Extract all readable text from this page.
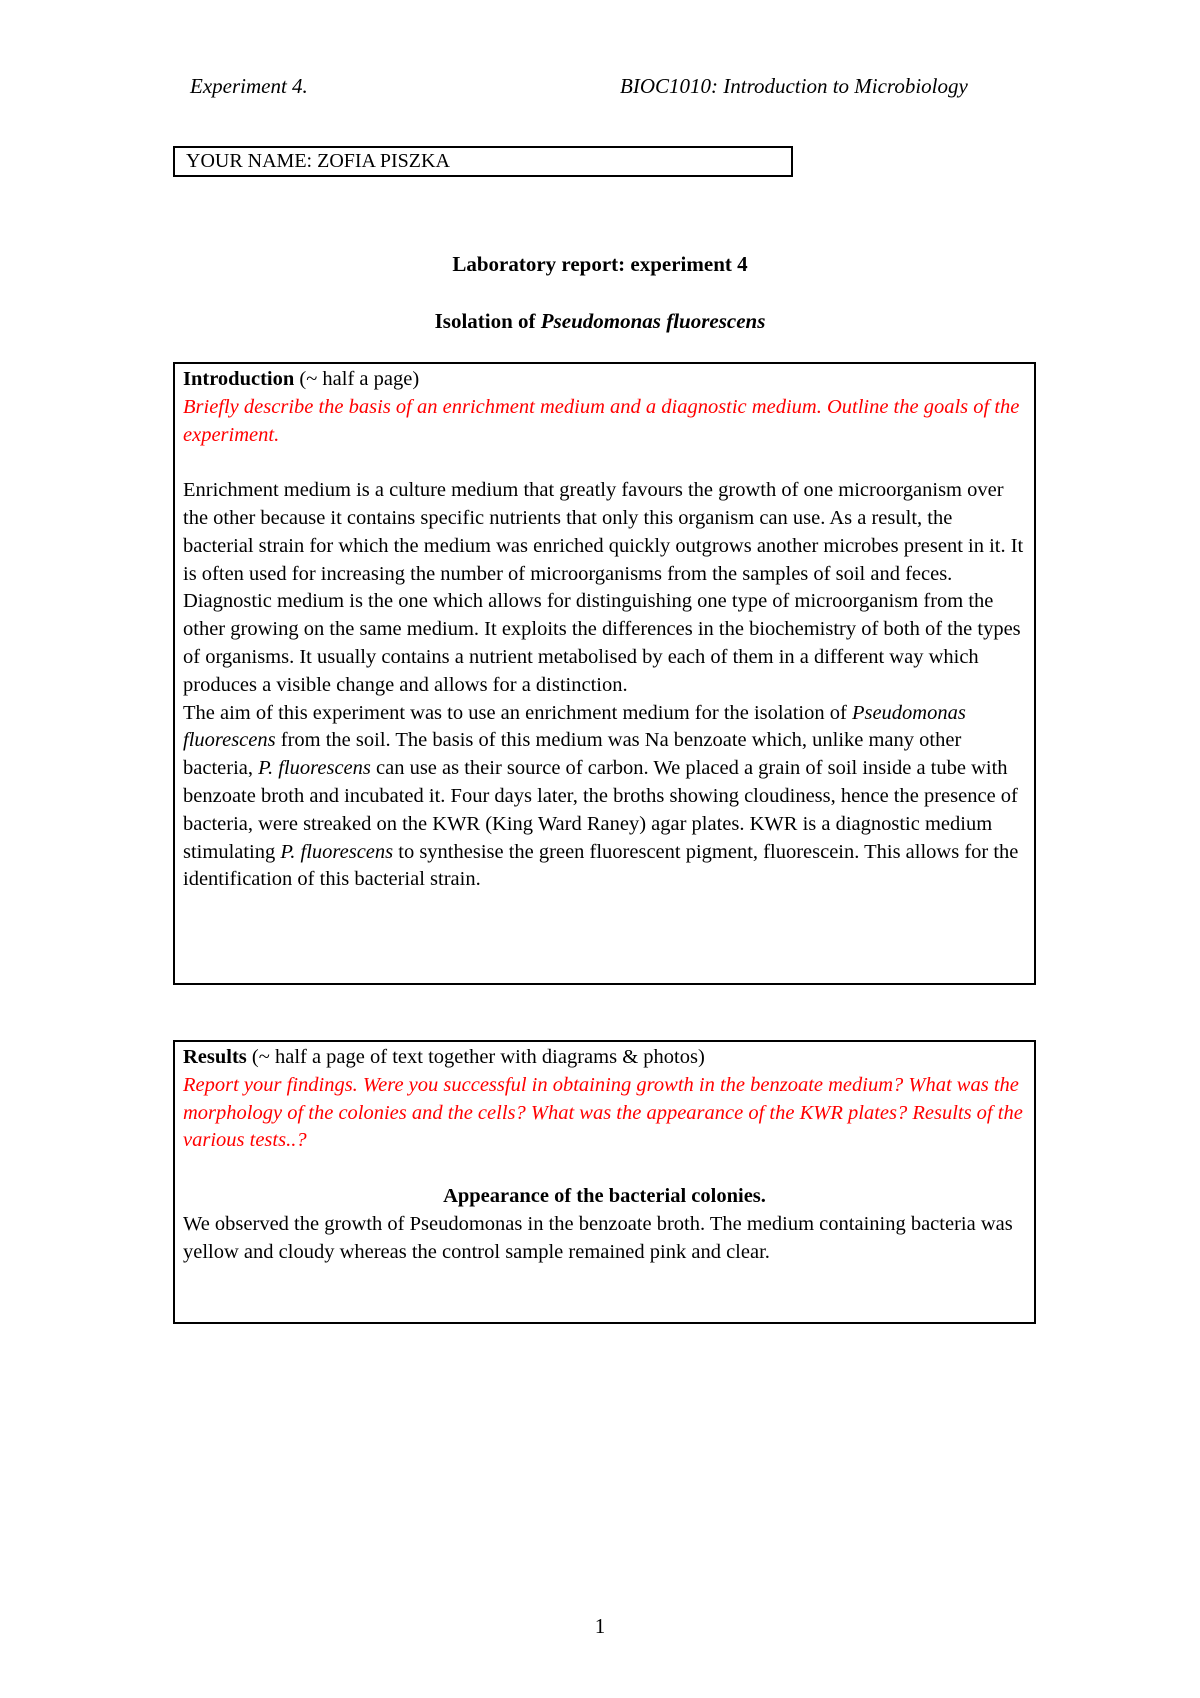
Experiment 4.	BIOC1010: Introduction to Microbiology
YOUR NAME: ZOFIA PISZKA
Laboratory report: experiment 4
Isolation of Pseudomonas fluorescens
Introduction (~ half a page)

Briefly describe the basis of an enrichment medium and a diagnostic medium. Outline the goals of the experiment.

Enrichment medium is a culture medium that greatly favours the growth of one microorganism over the other because it contains specific nutrients that only this organism can use. As a result, the bacterial strain for which the medium was enriched quickly outgrows another microbes present in it. It is often used for increasing the number of microorganisms from the samples of soil and feces.

Diagnostic medium is the one which allows for distinguishing one type of microorganism from the other growing on the same medium. It exploits the differences in the biochemistry of both of the types of organisms. It usually contains a nutrient metabolised by each of them in a different way which produces a visible change and allows for a distinction.

The aim of this experiment was to use an enrichment medium for the isolation of Pseudomonas fluorescens from the soil. The basis of this medium was Na benzoate which, unlike many other bacteria, P. fluorescens can use as their source of carbon. We placed a grain of soil inside a tube with benzoate broth and incubated it. Four days later, the broths showing cloudiness, hence the presence of bacteria, were streaked on the KWR (King Ward Raney) agar plates. KWR is a diagnostic medium stimulating P. fluorescens to synthesise the green fluorescent pigment, fluorescein. This allows for the identification of this bacterial strain.

Results (~ half a page of text together with diagrams & photos)

Report your findings. Were you successful in obtaining growth in the benzoate medium? What was the morphology of the colonies and the cells? What was the appearance of the KWR plates? Results of the various tests..?

Appearance of the bacterial colonies.

We observed the growth of Pseudomonas in the benzoate broth. The medium containing bacteria was yellow and cloudy whereas the control sample remained pink and clear.

1
